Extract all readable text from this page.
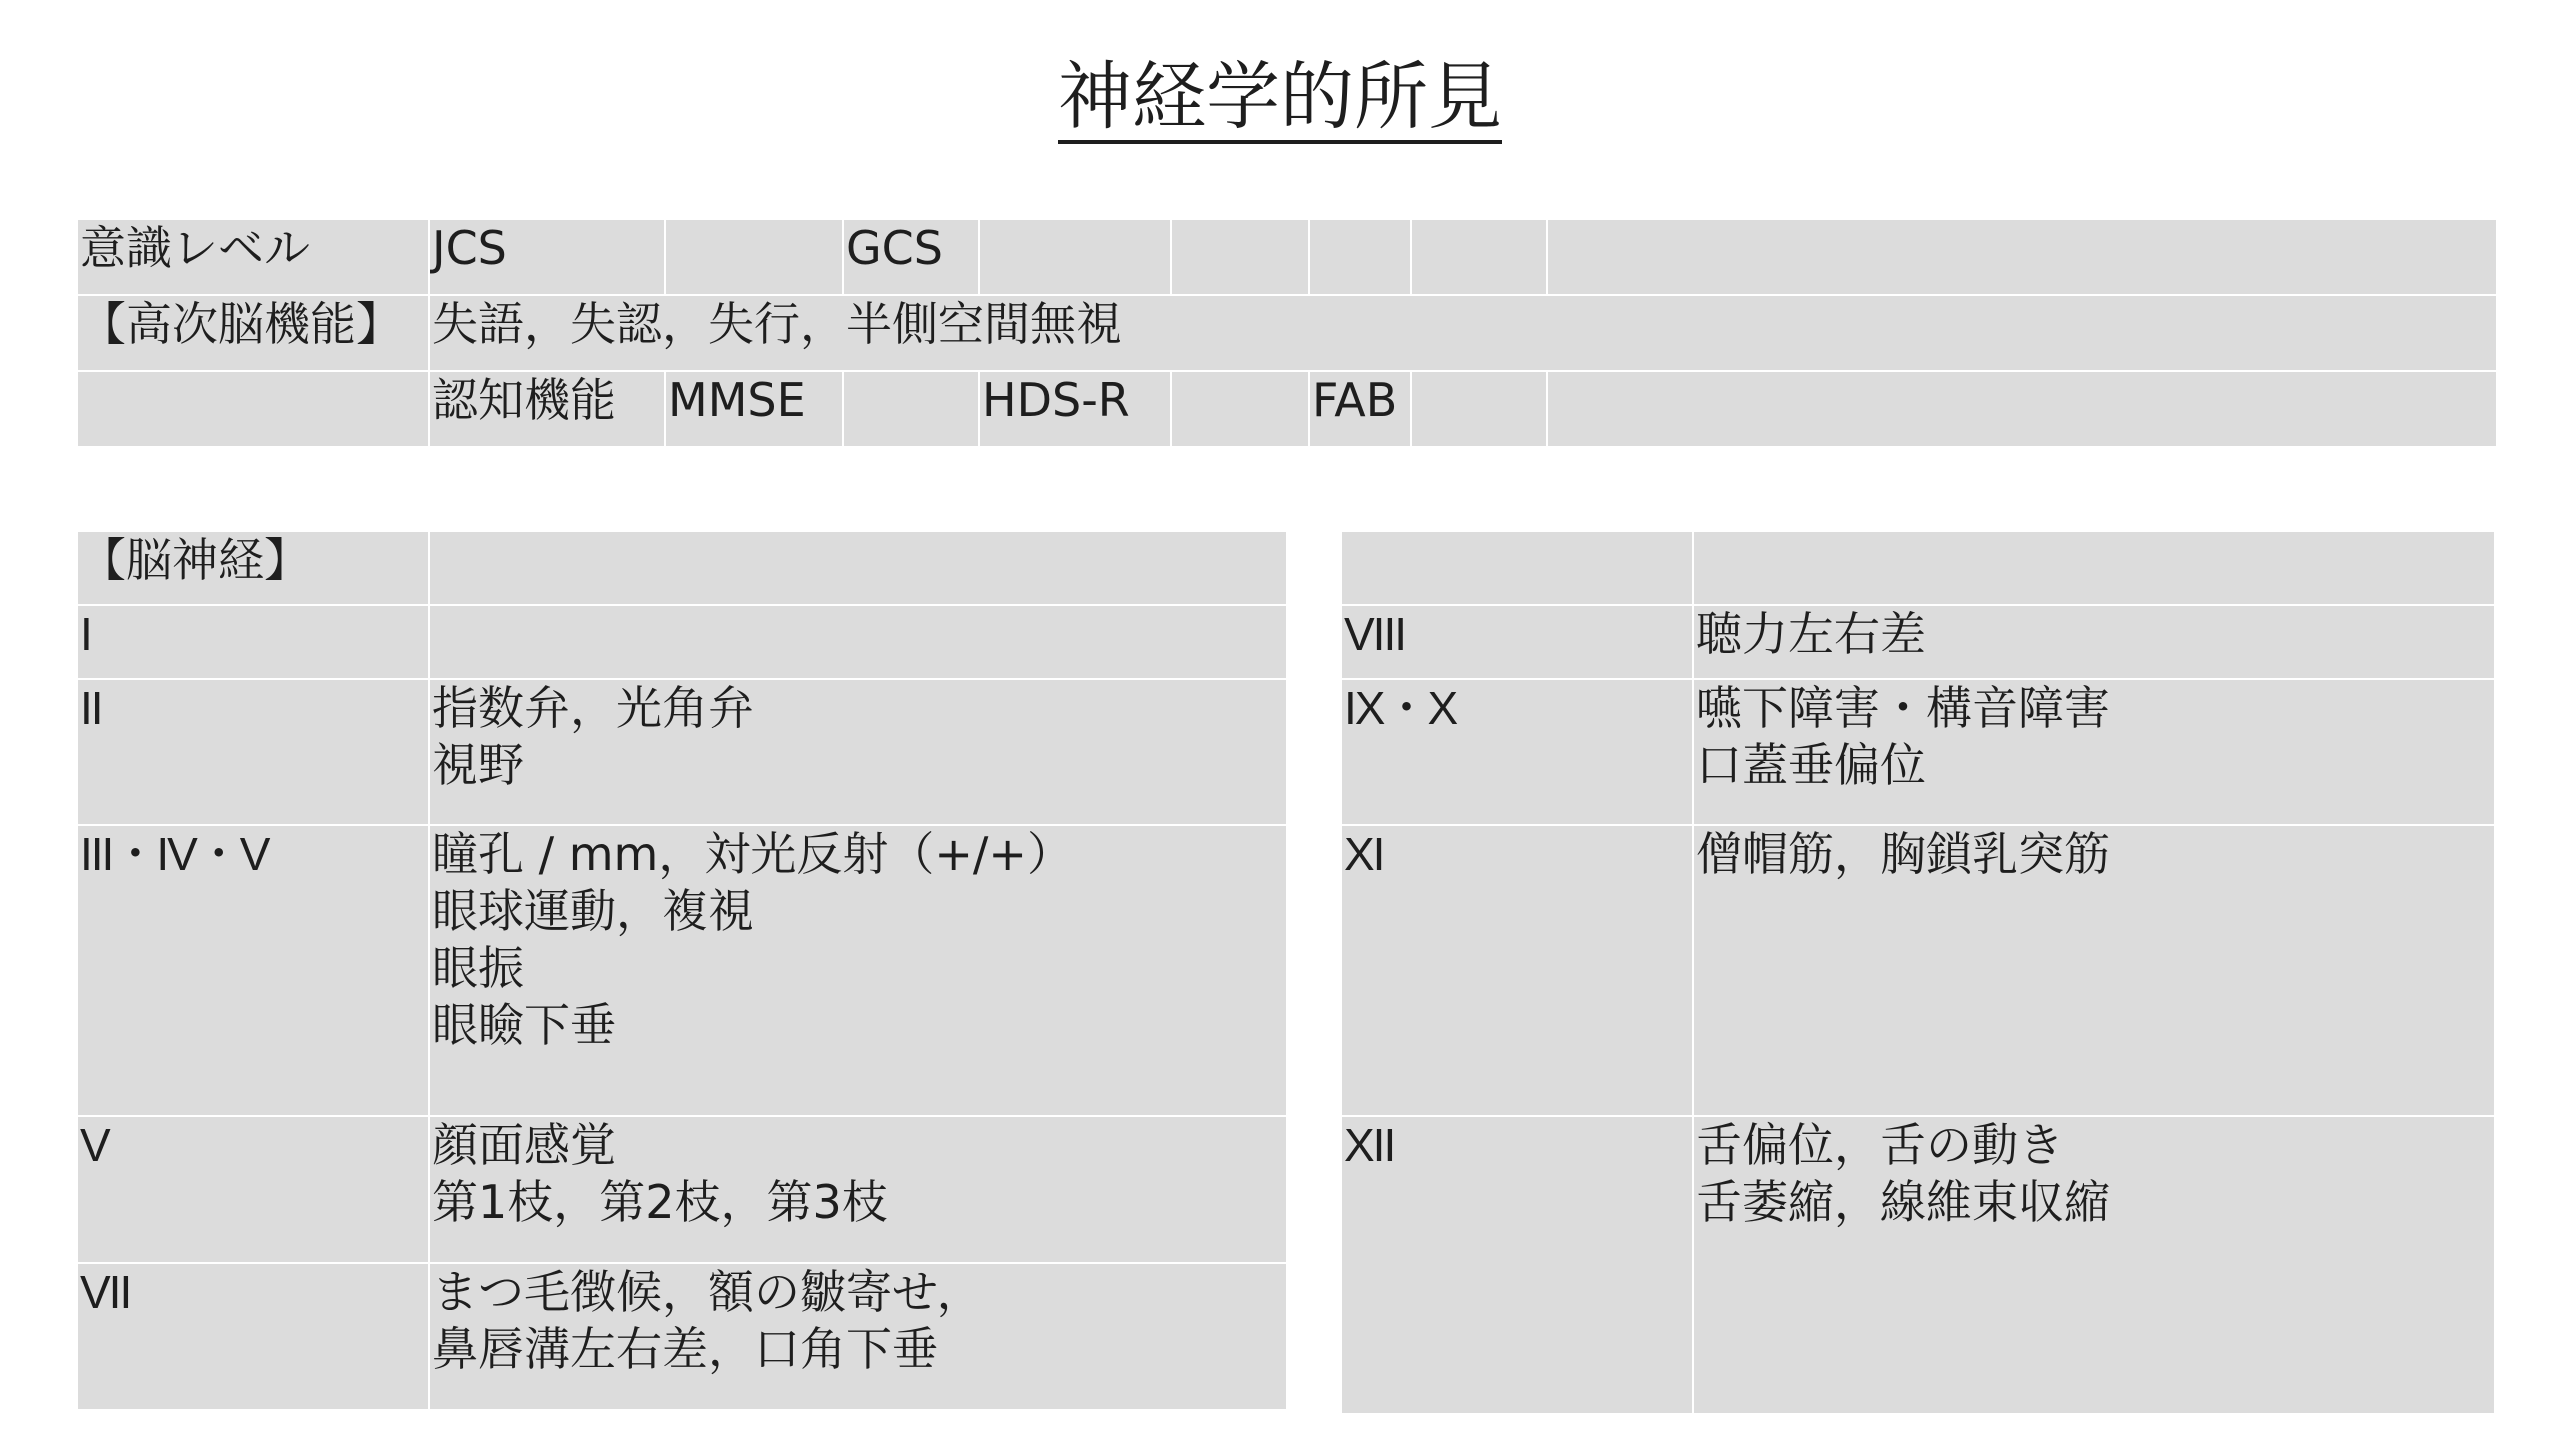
神経学的所見
意識レベル	JCS		GCS					
【高次脳機能】	失語，失認，失行，半側空間無視							
	認知機能	MMSE		HDS-R		FAB		
【脳神経】	
I	
II	指数弁，光角弁
視野

III・IV・V	瞳孔 / mm，対光反射（+/+）
眼球運動，複視
眼振
眼瞼下垂

V	顔面感覚
第1枝，第2枝，第3枝

VII	まつ毛徴候，額の皺寄せ，
鼻唇溝左右差，口角下垂

VIII	聴力左右差

IX・X	嚥下障害・構音障害
口蓋垂偏位

XI	僧帽筋，胸鎖乳突筋

XII	舌偏位，舌の動き
舌萎縮，線維束収縮
